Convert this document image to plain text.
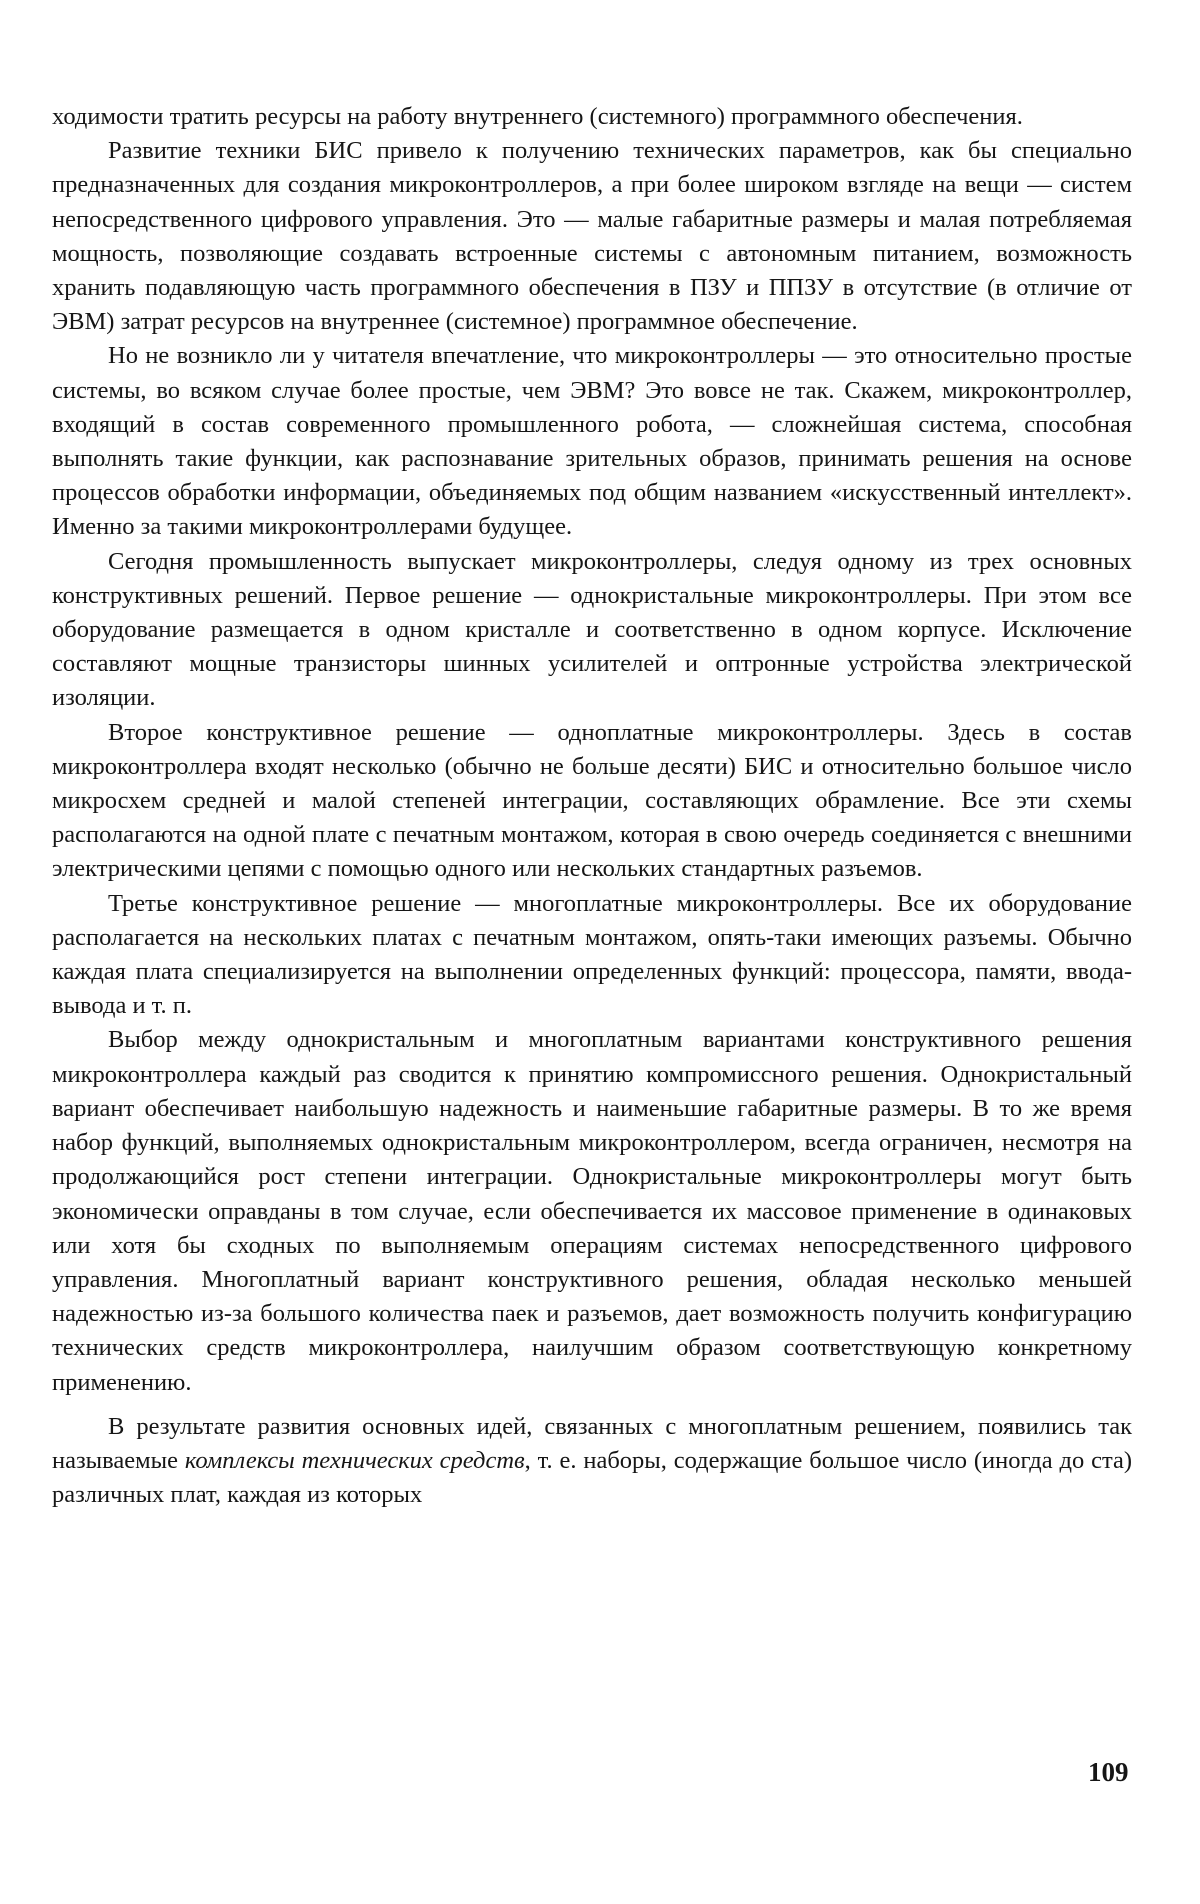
ходимости тратить ресурсы на работу внутреннего (системного) программного обеспечения.

Развитие техники БИС привело к получению технических параметров, как бы специально предназначенных для создания микроконтроллеров, а при более широком взгляде на вещи — систем непосредственного цифрового управления. Это — малые габаритные размеры и малая потребляемая мощность, позволяющие создавать встроенные системы с автономным питанием, возможность хранить подавляющую часть программного обеспечения в ПЗУ и ППЗУ в отсутствие (в отличие от ЭВМ) затрат ресурсов на внутреннее (системное) программное обеспечение.

Но не возникло ли у читателя впечатление, что микроконтроллеры — это относительно простые системы, во всяком случае более простые, чем ЭВМ? Это вовсе не так. Скажем, микроконтроллер, входящий в состав современного промышленного робота, — сложнейшая система, способная выполнять такие функции, как распознавание зрительных образов, принимать решения на основе процессов обработки информации, объединяемых под общим названием «искусственный интеллект». Именно за такими микроконтроллерами будущее.

Сегодня промышленность выпускает микроконтроллеры, следуя одному из трех основных конструктивных решений. Первое решение — однокристальные микроконтроллеры. При этом все оборудование размещается в одном кристалле и соответственно в одном корпусе. Исключение составляют мощные транзисторы шинных усилителей и оптронные устройства электрической изоляции.

Второе конструктивное решение — одноплатные микроконтроллеры. Здесь в состав микроконтроллера входят несколько (обычно не больше десяти) БИС и относительно большое число микросхем средней и малой степеней интеграции, составляющих обрамление. Все эти схемы располагаются на одной плате с печатным монтажом, которая в свою очередь соединяется с внешними электрическими цепями с помощью одного или нескольких стандартных разъемов.

Третье конструктивное решение — многоплатные микроконтроллеры. Все их оборудование располагается на нескольких платах с печатным монтажом, опять-таки имеющих разъемы. Обычно каждая плата специализируется на выполнении определенных функций: процессора, памяти, ввода-вывода и т. п.

Выбор между однокристальным и многоплатным вариантами конструктивного решения микроконтроллера каждый раз сводится к принятию компромиссного решения. Однокристальный вариант обеспечивает наибольшую надежность и наименьшие габаритные размеры. В то же время набор функций, выполняемых однокристальным микроконтроллером, всегда ограничен, несмотря на продолжающийся рост степени интеграции. Однокристальные микроконтроллеры могут быть экономически оправданы в том случае, если обеспечивается их массовое применение в одинаковых или хотя бы сходных по выполняемым операциям системах непосредственного цифрового управления. Многоплатный вариант конструктивного решения, обладая несколько меньшей надежностью из-за большого количества паек и разъемов, дает возможность получить конфигурацию технических средств микроконтроллера, наилучшим образом соответствующую конкретному применению.

В результате развития основных идей, связанных с многоплатным решением, появились так называемые комплексы технических средств, т. е. наборы, содержащие большое число (иногда до ста) различных плат, каждая из которых

109
